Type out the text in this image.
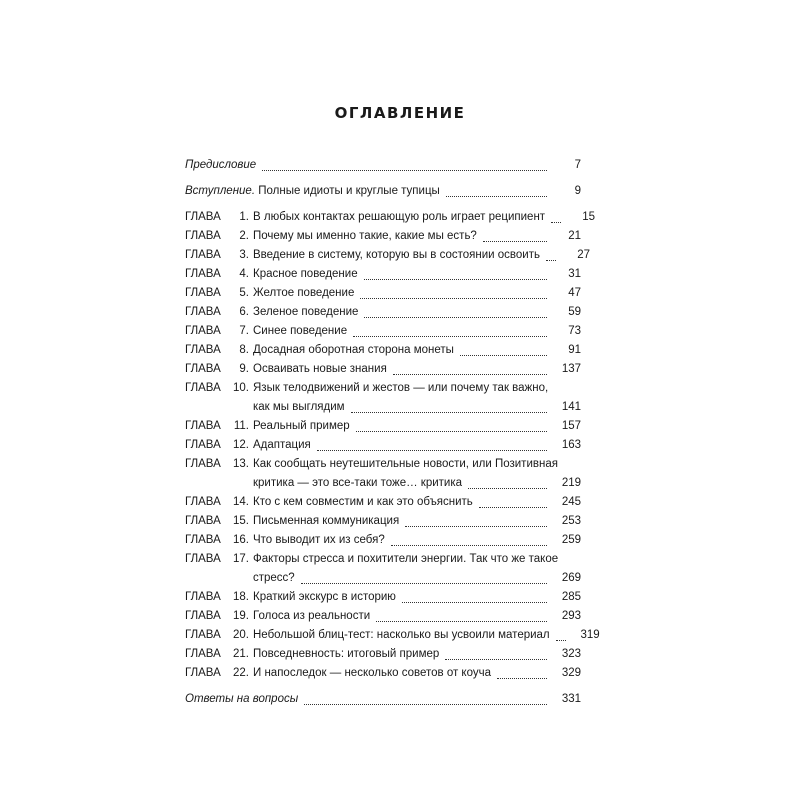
ОГЛАВЛЕНИЕ
Предисловие	7
Вступление. Полные идиоты и круглые тупицы	9
ГЛАВА	1. В любых контактах решающую роль играет реципиент	15
ГЛАВА	2. Почему мы именно такие, какие мы есть?	21
ГЛАВА	3. Введение в систему, которую вы в состоянии освоить	27
ГЛАВА	4. Красное поведение	31
ГЛАВА	5. Желтое поведение	47
ГЛАВА	6. Зеленое поведение	59
ГЛАВА	7. Синее поведение	73
ГЛАВА	8. Досадная оборотная сторона монеты	91
ГЛАВА	9. Осваивать новые знания	137
ГЛАВА	10. Язык телодвижений и жестов — или почему так важно,
как мы выглядим	141
ГЛАВА	11. Реальный пример	157
ГЛАВА	12. Адаптация	163
ГЛАВА	13. Как сообщать неутешительные новости, или Позитивная
критика — это все-таки тоже… критика	219
ГЛАВА	14. Кто с кем совместим и как это объяснить	245
ГЛАВА	15. Письменная коммуникация	253
ГЛАВА	16. Что выводит их из себя?	259
ГЛАВА	17. Факторы стресса и похитители энергии. Так что же такое
стресс?	269
ГЛАВА	18. Краткий экскурс в историю	285
ГЛАВА	19. Голоса из реальности	293
ГЛАВА	20. Небольшой блиц-тест: насколько вы усвоили материал	319
ГЛАВА	21. Повседневность: итоговый пример	323
ГЛАВА	22. И напоследок — несколько советов от коуча	329
Ответы на вопросы	331
